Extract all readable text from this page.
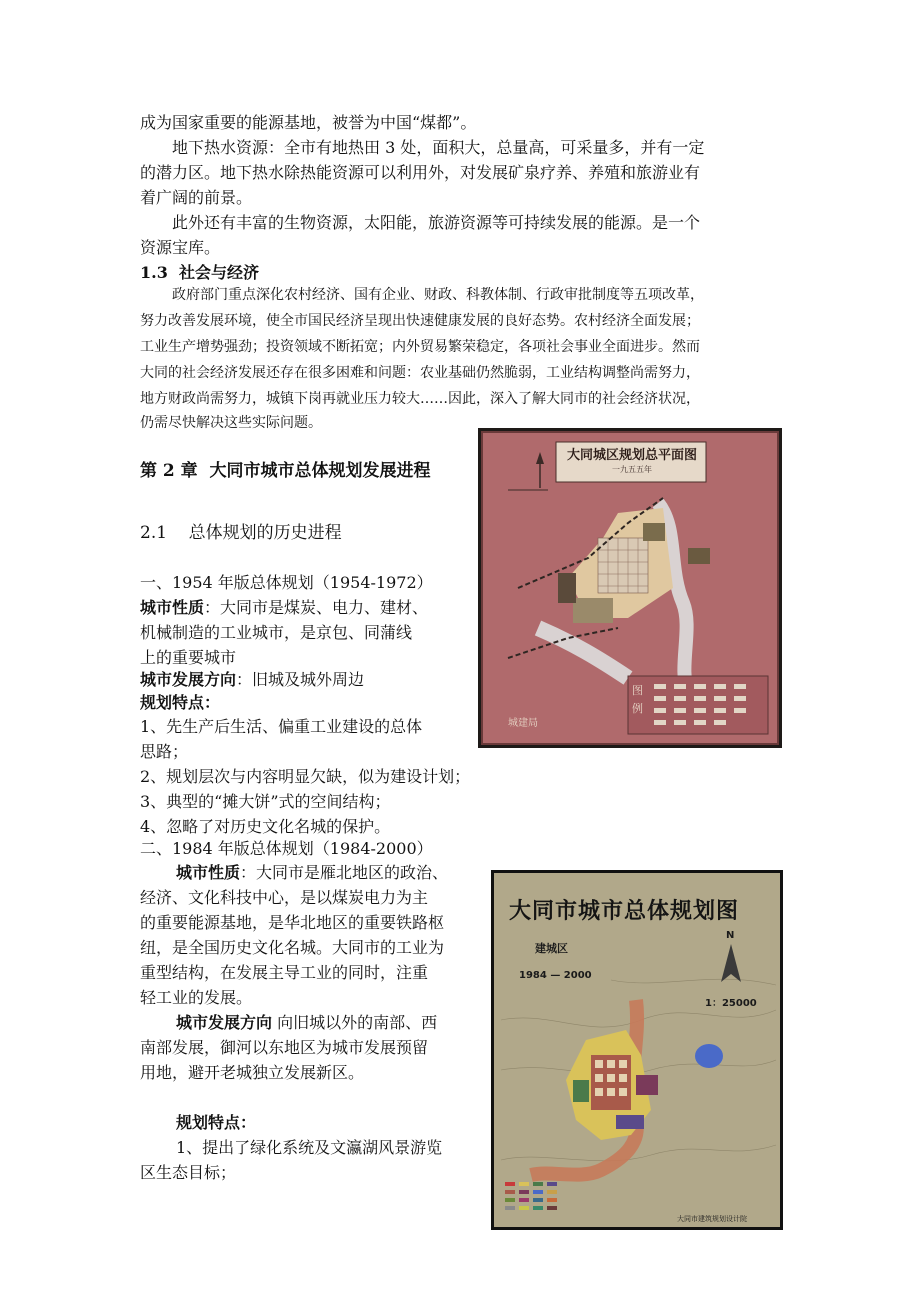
成为国家重要的能源基地，被誉为中国“煤都”。
地下热水资源：全市有地热田 3 处，面积大，总量高，可采量多，并有一定
的潜力区。地下热水除热能资源可以利用外，对发展矿泉疗养、养殖和旅游业有
着广阔的前景。
此外还有丰富的生物资源，太阳能，旅游资源等可持续发展的能源。是一个
资源宝库。
1.3  社会与经济
政府部门重点深化农村经济、国有企业、财政、科教体制、行政审批制度等五项改革，
努力改善发展环境，使全市国民经济呈现出快速健康发展的良好态势。农村经济全面发展；
工业生产增势强劲；投资领域不断拓宽；内外贸易繁荣稳定，各项社会事业全面进步。然而
大同的社会经济发展还存在很多困难和问题：农业基础仍然脆弱，工业结构调整尚需努力，
地方财政尚需努力，城镇下岗再就业压力较大……因此，深入了解大同市的社会经济状况，
仍需尽快解决这些实际问题。
第 2 章  大同市城市总体规划发展进程
2.1    总体规划的历史进程
一、1954 年版总体规划（1954-1972）
城市性质：大同市是煤炭、电力、建材、
机械制造的工业城市，是京包、同蒲线
上的重要城市
城市发展方向：旧城及城外周边
规划特点：
1、先生产后生活、偏重工业建设的总体
思路；
2、规划层次与内容明显欠缺，似为建设计划；
3、典型的“摊大饼”式的空间结构；
4、忽略了对历史文化名城的保护。
二、1984 年版总体规划（1984-2000）
城市性质：大同市是雁北地区的政治、
经济、文化科技中心，是以煤炭电力为主
的重要能源基地，是华北地区的重要铁路枢
纽，是全国历史文化名城。大同市的工业为
重型结构，在发展主导工业的同时，注重
轻工业的发展。
城市发展方向 向旧城以外的南部、西
南部发展，御河以东地区为城市发展预留
用地，避开老城独立发展新区。
规划特点：
1、提出了绿化系统及文瀛湖风景游览
区生态目标；
大同城区规划总平面图
一九五五年
图例
城建局
大同市城市总体规划图
建城区
1984 — 2000
N
1：25000
大同市建筑规划设计院
